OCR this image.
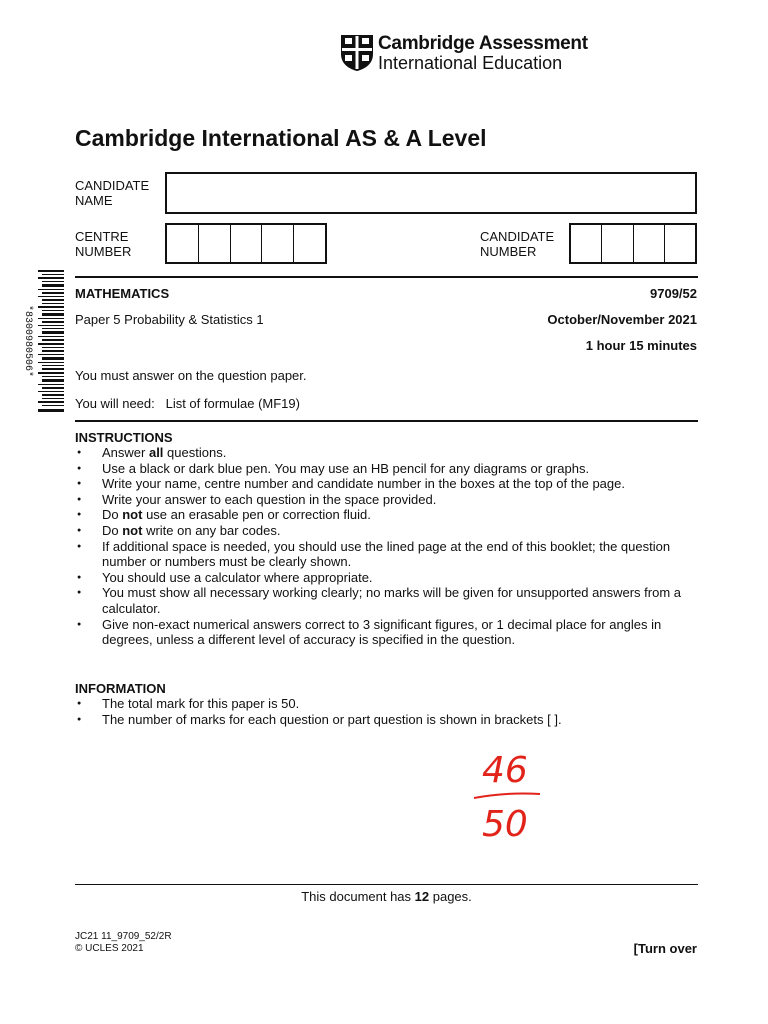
Cambridge Assessment
International Education
Cambridge International AS & A Level
CANDIDATE
NAME
CENTRE
NUMBER
CANDIDATE
NUMBER
*8300980506*
MATHEMATICS	9709/52
Paper 5 Probability & Statistics 1	October/November 2021
1 hour 15 minutes
You must answer on the question paper.
You will need: List of formulae (MF19)
INSTRUCTIONS
● Answer all questions.
● Use a black or dark blue pen. You may use an HB pencil for any diagrams or graphs.
● Write your name, centre number and candidate number in the boxes at the top of the page.
● Write your answer to each question in the space provided.
● Do not use an erasable pen or correction fluid.
● Do not write on any bar codes.
● If additional space is needed, you should use the lined page at the end of this booklet; the question number or numbers must be clearly shown.
● You should use a calculator where appropriate.
● You must show all necessary working clearly; no marks will be given for unsupported answers from a calculator.
● Give non-exact numerical answers correct to 3 significant figures, or 1 decimal place for angles in degrees, unless a different level of accuracy is specified in the question.
INFORMATION
● The total mark for this paper is 50.
● The number of marks for each question or part question is shown in brackets [ ].
46
50
This document has 12 pages.
JC21 11_9709_52/2R
© UCLES 2021	[Turn over
